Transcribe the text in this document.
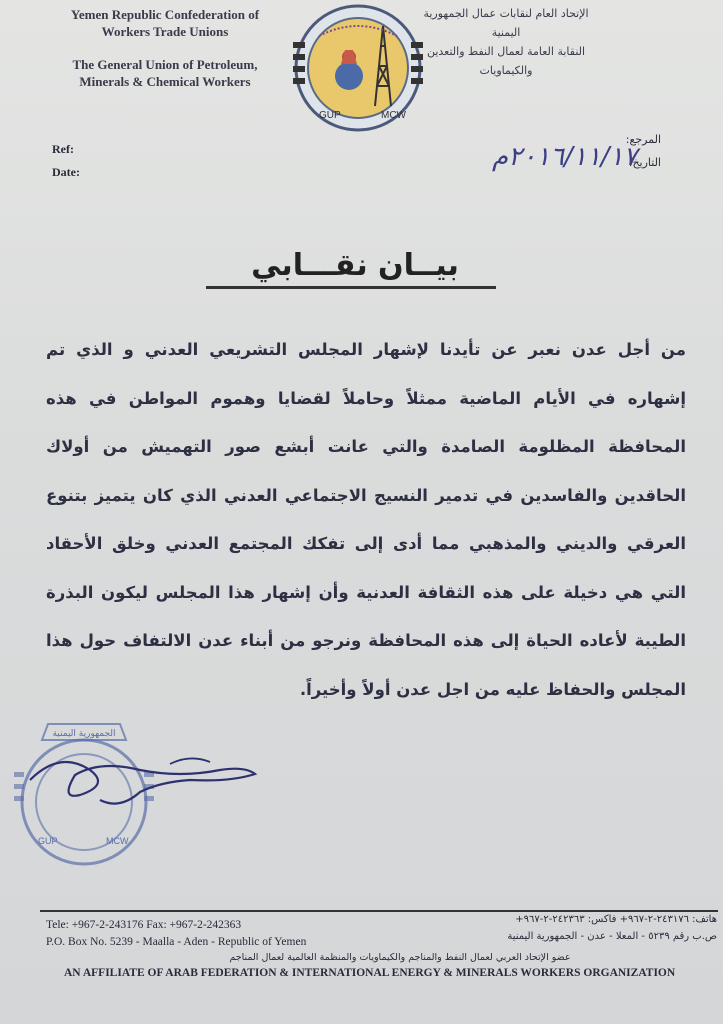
Yemen Republic Confederation of
Workers Trade Unions
The General Union of Petroleum,
Minerals & Chemical Workers
الإتحاد العام لنقابات عمال الجمهورية
اليمنية
النقابة العامة لعمال النفط والتعدين
والكيماويات
GUP	MCW
Ref:
Date:
المرجع:
التاريخ:
٢٠١٦/١١/١٧م
بيــان نقـــابي
من أجل عدن نعبر عن تأيدنا لإشهار المجلس التشريعي العدني و الذي تم إشهاره في الأيام الماضية ممثلاً وحاملاً لقضايا وهموم المواطن في هذه المحافظة المظلومة الصامدة والتي عانت أبشع صور التهميش من أولاك الحاقدين والفاسدين في تدمير النسيج الاجتماعي العدني الذي كان يتميز بتنوع العرقي والديني والمذهبي مما أدى إلى تفكك المجتمع العدني وخلق الأحقاد التي هي دخيلة على هذه الثقافة العدنية وأن إشهار هذا المجلس ليكون البذرة الطيبة لأعاده الحياة إلى هذه المحافظة ونرجو من أبناء عدن الالتفاف حول هذا المجلس والحفاظ عليه من اجل عدن أولاً وأخيراً.
الجمهورية اليمنية
GUP	MCW
Tele: +967-2-243176 Fax: +967-2-242363
P.O. Box No. 5239 - Maalla - Aden - Republic of Yemen
هاتف: ٢٤٣١٧٦-٢-٩٦٧+ فاكس: ٢٤٢٣٦٣-٢-٩٦٧+
ص.ب رقم ٥٢٣٩ - المعلا - عدن - الجمهورية اليمنية
عضو الإتحاد العربي لعمال النفط والمناجم والكيماويات والمنظمة العالمية لعمال المناجم
AN AFFILIATE OF ARAB FEDERATION & INTERNATIONAL ENERGY & MINERALS WORKERS ORGANIZATION
